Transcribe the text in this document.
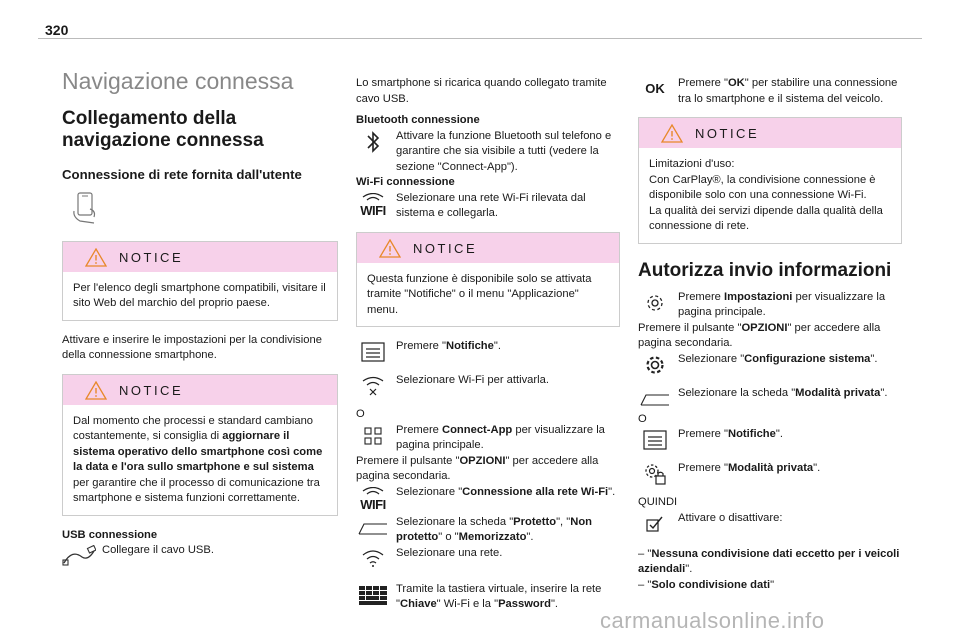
320
Navigazione connessa
Collegamento della navigazione connessa
Connessione di rete fornita dall'utente
NOTICE
Per l'elenco degli smartphone compatibili, visitare il sito Web del marchio del proprio paese.
Attivare e inserire le impostazioni per la condivisione della connessione smartphone.
NOTICE
Dal momento che processi e standard cambiano costantemente, si consiglia di aggiornare il sistema operativo dello smartphone così come la data e l'ora sullo smartphone e sul sistema per garantire che il processo di comunicazione tra smartphone e sistema funzioni correttamente.
USB connessione
Collegare il cavo USB.
Lo smartphone si ricarica quando collegato tramite cavo USB.
Bluetooth connessione
Attivare la funzione Bluetooth sul telefono e garantire che sia visibile a tutti (vedere la sezione "Connect-App").
Wi-Fi connessione
WIFI
Selezionare una rete Wi-Fi rilevata dal sistema e collegarla.
NOTICE
Questa funzione è disponibile solo se attivata tramite "Notifiche" o il menu "Applicazione" menu.
Premere "Notifiche".
Selezionare Wi-Fi per attivarla.
O
Premere Connect-App per visualizzare la pagina principale.
Premere il pulsante "OPZIONI" per accedere alla pagina secondaria.
WIFI
Selezionare "Connessione alla rete Wi-Fi".
Selezionare la scheda "Protetto", "Non protetto" o "Memorizzato".
Selezionare una rete.
Tramite la tastiera virtuale, inserire la rete "Chiave" Wi-Fi e la "Password".
OK Premere "OK" per stabilire una connessione tra lo smartphone e il sistema del veicolo.
NOTICE
Limitazioni d'uso:
Con CarPlay®, la condivisione connessione è disponibile solo con una connessione Wi-Fi.
La qualità dei servizi dipende dalla qualità della connessione di rete.
Autorizza invio informazioni
Premere Impostazioni per visualizzare la pagina principale.
Premere il pulsante "OPZIONI" per accedere alla pagina secondaria.
Selezionare "Configurazione sistema".
Selezionare la scheda "Modalità privata".
O
Premere "Notifiche".
Premere "Modalità privata".
QUINDI
Attivare o disattivare:
– "Nessuna condivisione dati eccetto per i veicoli aziendali".
– "Solo condivisione dati"
carmanualsonline.info
